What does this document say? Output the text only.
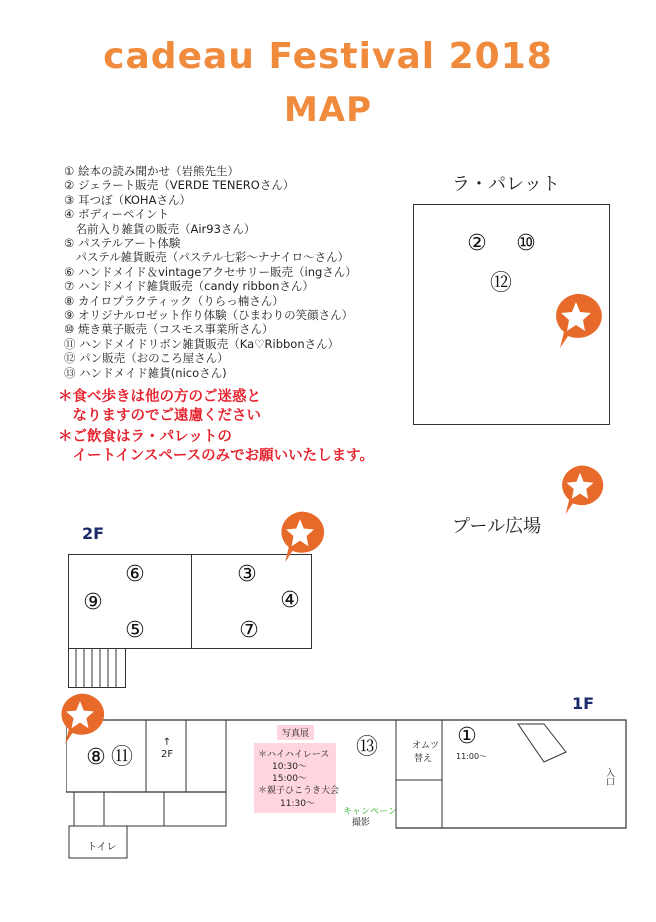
cadeau Festival 2018
MAP
① 絵本の読み聞かせ（岩熊先生）
② ジェラート販売（VERDE TENEROさん）
③ 耳つぼ（KOHAさん）
④ ボディーペイント
　名前入り雑貨の販売（Air93さん）
⑤ パステルアート体験
　パステル雑貨販売（パステル七彩〜ナナイロ〜さん）
⑥ ハンドメイド＆vintageアクセサリー販売（ingさん）
⑦ ハンドメイド雑貨販売（candy ribbonさん）
⑧ カイロプラクティック（りらっ楠さん）
⑨ オリジナルロゼット作り体験（ひまわりの笑顔さん）
⑩ 焼き菓子販売（コスモス事業所さん）
⑪ ハンドメイドリボン雑貨販売（Ka♡Ribbonさん）
⑫ パン販売（おのころ屋さん）
⑬ ハンドメイド雑貨(nicoさん)
＊食べ歩きは他の方のご迷惑と
　なりますのでご遠慮ください
＊ご飲食はラ・パレットの
　イートインスペースのみでお願いいたします。
ラ・パレット
② ⑩
⑫
プール広場
2F
⑥
⑨
⑤
③
④
⑦
1F
⑧ ⑪	⑬	①
↑
2F
トイレ
写真展
＊ハイハイレース
10:30〜
15:00〜
＊親子ひこうき大会
11:30〜
キャンペーン
撮影
オムツ
替え	11:00〜
入口
